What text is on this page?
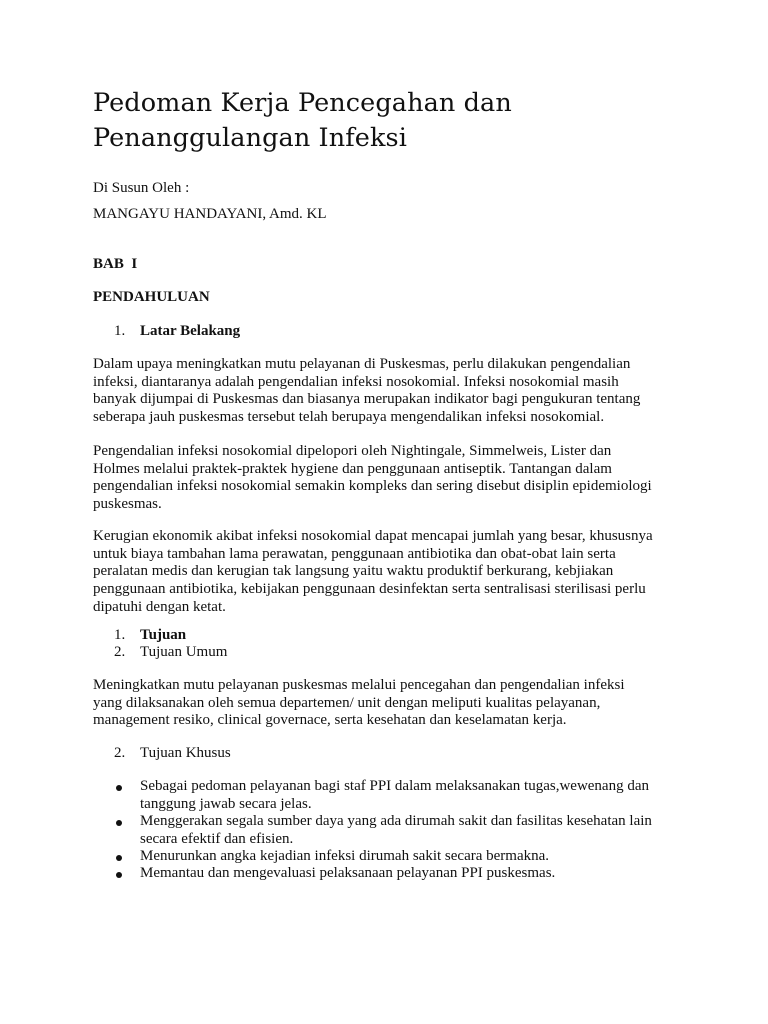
Pedoman Kerja Pencegahan dan
Penanggulangan Infeksi

Di Susun Oleh :

MANGAYU HANDAYANI, Amd. KL

BAB  I

PENDAHULUAN

1. Latar Belakang

Dalam upaya meningkatkan mutu pelayanan di Puskesmas, perlu dilakukan pengendalian
infeksi, diantaranya adalah pengendalian infeksi nosokomial. Infeksi nosokomial masih
banyak dijumpai di Puskesmas dan biasanya merupakan indikator bagi pengukuran tentang
seberapa jauh puskesmas tersebut telah berupaya mengendalikan infeksi nosokomial.

Pengendalian infeksi nosokomial dipelopori oleh Nightingale, Simmelweis, Lister dan
Holmes melalui praktek-praktek hygiene dan penggunaan antiseptik. Tantangan dalam
pengendalian infeksi nosokomial semakin kompleks dan sering disebut disiplin epidemiologi
puskesmas.

Kerugian ekonomik akibat infeksi nosokomial dapat mencapai jumlah yang besar, khususnya
untuk biaya tambahan lama perawatan, penggunaan antibiotika dan obat-obat lain serta
peralatan medis dan kerugian tak langsung yaitu waktu produktif berkurang, kebjiakan
penggunaan antibiotika, kebijakan penggunaan desinfektan serta sentralisasi sterilisasi perlu
dipatuhi dengan ketat.

1. Tujuan
2. Tujuan Umum

Meningkatkan mutu pelayanan puskesmas melalui pencegahan dan pengendalian infeksi
yang dilaksanakan oleh semua departemen/ unit dengan meliputi kualitas pelayanan,
management resiko, clinical governace, serta kesehatan dan keselamatan kerja.

2. Tujuan Khusus
Sebagai pedoman pelayanan bagi staf PPI dalam melaksanakan tugas,wewenang dan
tanggung jawab secara jelas.
Menggerakan segala sumber daya yang ada dirumah sakit dan fasilitas kesehatan lain
secara efektif dan efisien.
Menurunkan angka kejadian infeksi dirumah sakit secara bermakna.
Memantau dan mengevaluasi pelaksanaan pelayanan PPI puskesmas.
